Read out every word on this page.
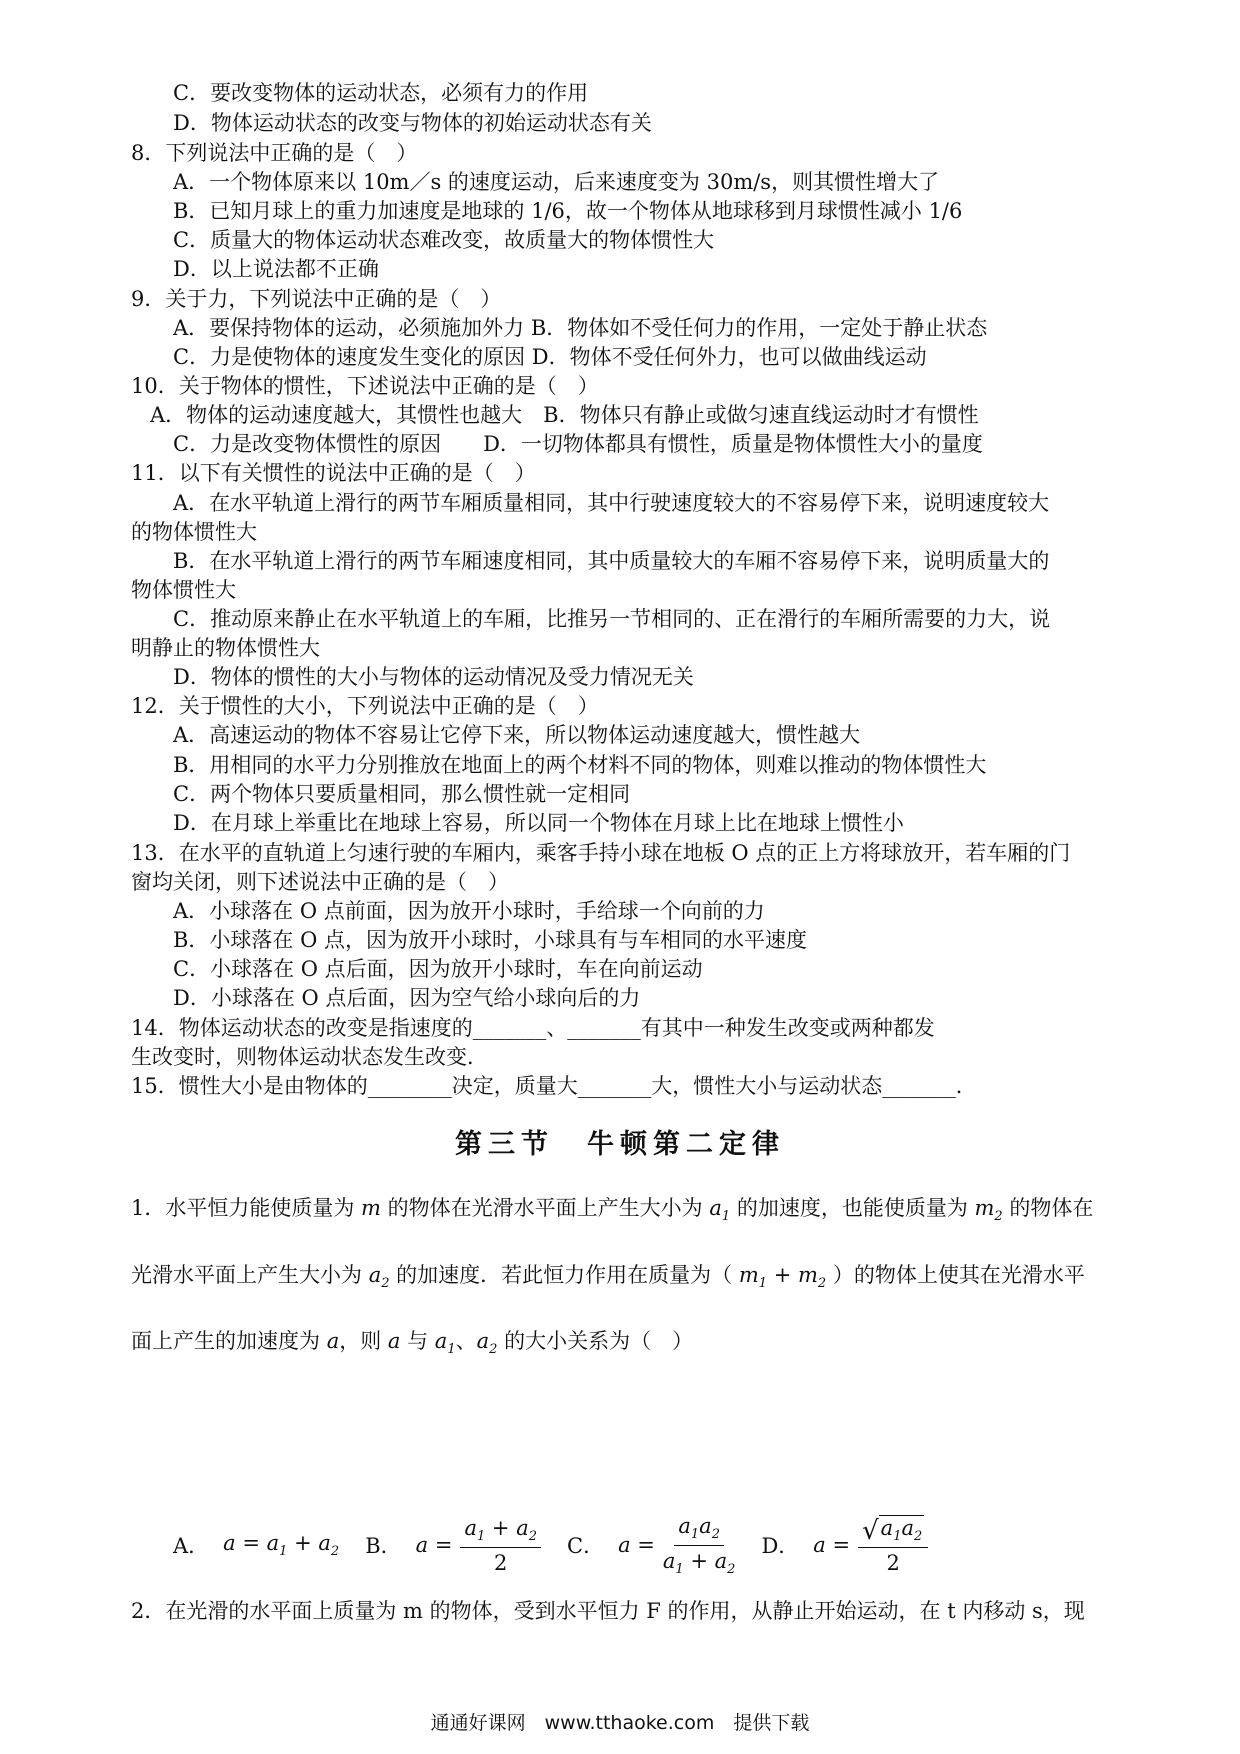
C．要改变物体的运动状态，必须有力的作用
D．物体运动状态的改变与物体的初始运动状态有关
8．下列说法中正确的是（　）
A．一个物体原来以 10m／s 的速度运动，后来速度变为 30m/s，则其惯性增大了
B．已知月球上的重力加速度是地球的 1/6，故一个物体从地球移到月球惯性减小 1/6
C．质量大的物体运动状态难改变，故质量大的物体惯性大
D．以上说法都不正确
9．关于力，下列说法中正确的是（　）
A．要保持物体的运动，必须施加外力 B．物体如不受任何力的作用，一定处于静止状态
C．力是使物体的速度发生变化的原因 D．物体不受任何外力，也可以做曲线运动
10．关于物体的惯性，下述说法中正确的是（　）
A．物体的运动速度越大，其惯性也越大　B．物体只有静止或做匀速直线运动时才有惯性
C．力是改变物体惯性的原因　　D．一切物体都具有惯性，质量是物体惯性大小的量度
11．以下有关惯性的说法中正确的是（　）
A．在水平轨道上滑行的两节车厢质量相同，其中行驶速度较大的不容易停下来，说明速度较大
的物体惯性大
B．在水平轨道上滑行的两节车厢速度相同，其中质量较大的车厢不容易停下来，说明质量大的
物体惯性大
C．推动原来静止在水平轨道上的车厢，比推另一节相同的、正在滑行的车厢所需要的力大，说
明静止的物体惯性大
D．物体的惯性的大小与物体的运动情况及受力情况无关
12．关于惯性的大小，下列说法中正确的是（　）
A．高速运动的物体不容易让它停下来，所以物体运动速度越大，惯性越大
B．用相同的水平力分别推放在地面上的两个材料不同的物体，则难以推动的物体惯性大
C．两个物体只要质量相同，那么惯性就一定相同
D．在月球上举重比在地球上容易，所以同一个物体在月球上比在地球上惯性小
13．在水平的直轨道上匀速行驶的车厢内，乘客手持小球在地板 O 点的正上方将球放开，若车厢的门
窗均关闭，则下述说法中正确的是（　）
A．小球落在 O 点前面，因为放开小球时，手给球一个向前的力
B．小球落在 O 点，因为放开小球时，小球具有与车相同的水平速度
C．小球落在 O 点后面，因为放开小球时，车在向前运动
D．小球落在 O 点后面，因为空气给小球向后的力
14．物体运动状态的改变是指速度的_______、_______有其中一种发生改变或两种都发
生改变时，则物体运动状态发生改变．
15．惯性大小是由物体的________决定，质量大_______大，惯性大小与运动状态_______．
第三节　牛顿第二定律
1．水平恒力能使质量为 m 的物体在光滑水平面上产生大小为 $a_1$ 的加速度，也能使质量为 $m_2$ 的物体在
光滑水平面上产生大小为 $a_2$ 的加速度．若此恒力作用在质量为（ $m_1 + m_2$ ）的物体上使其在光滑水平
面上产生的加速度为 a，则 a 与 $a_1$、$a_2$ 的大小关系为（　）
A． $a = a_1 + a_2$ B． $a = \frac{a_1 + a_2}{2}$ C． $a = \frac{a_1a_2}{a_1 + a_2}$ D． $a = \frac{√ a_1a_2}{2}$
2．在光滑的水平面上质量为 m 的物体，受到水平恒力 F 的作用，从静止开始运动，在 t 内移动 s，现
通通好课网　www.tthaoke.com　提供下载
